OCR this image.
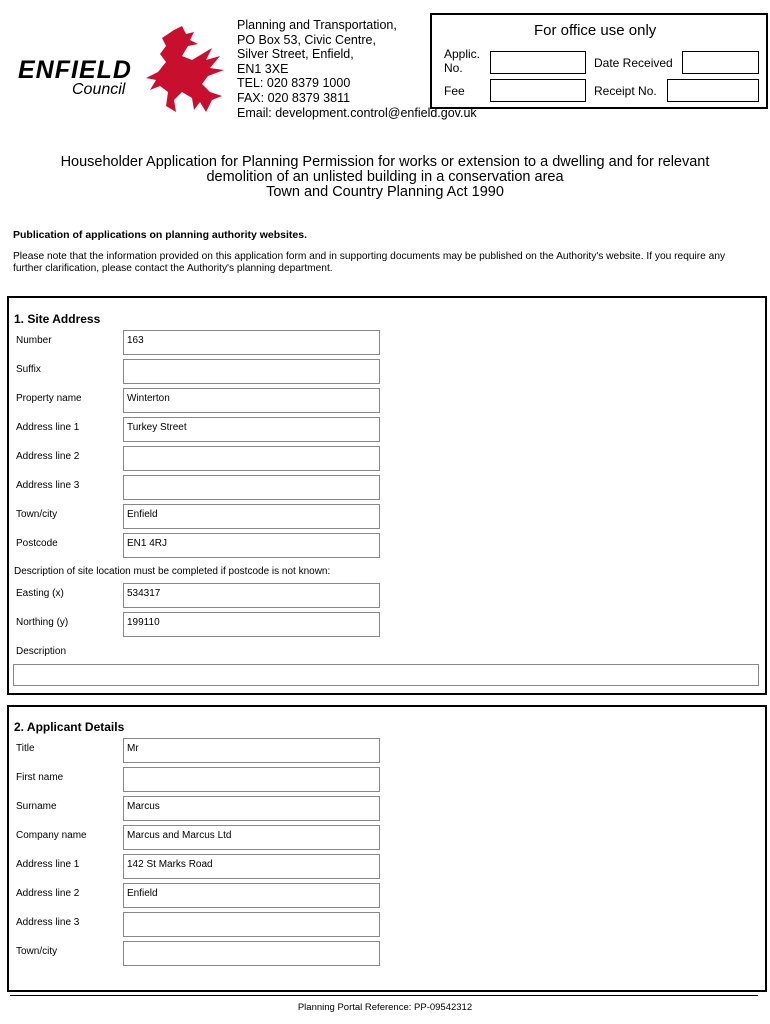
ENFIELD
Council
Planning and Transportation,
PO Box 53, Civic Centre,
Silver Street, Enfield,
EN1 3XE
TEL: 020 8379 1000
FAX: 020 8379 3811
Email: development.control@enfield.gov.uk
For office use only
Applic. No.	Date Received
Fee	Receipt No.
Householder Application for Planning Permission for works or extension to a dwelling and for relevant
demolition of an unlisted building in a conservation area
Town and Country Planning Act 1990
Publication of applications on planning authority websites.
Please note that the information provided on this application form and in supporting documents may be published on the Authority's website. If you require any further clarification, please contact the Authority's planning department.
1. Site Address
Number	163
Suffix
Property name	Winterton
Address line 1	Turkey Street
Address line 2
Address line 3
Town/city	Enfield
Postcode	EN1 4RJ
Description of site location must be completed if postcode is not known:
Easting (x)	534317
Northing (y)	199110
Description
2. Applicant Details
Title	Mr
First name
Surname	Marcus
Company name	Marcus and Marcus Ltd
Address line 1	142 St Marks Road
Address line 2	Enfield
Address line 3
Town/city
Planning Portal Reference: PP-09542312
